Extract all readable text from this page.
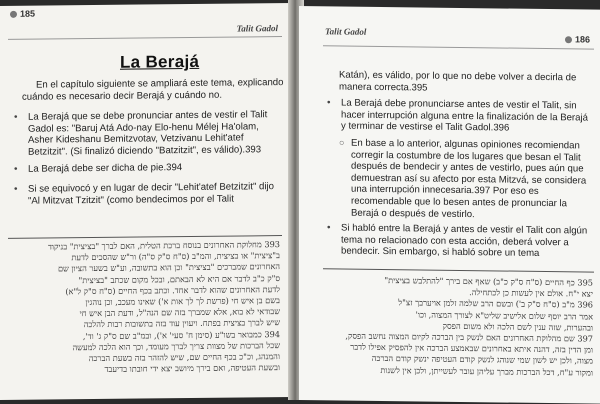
185
Talit Gadol
La Berajá
En el capítulo siguiente se ampliará este tema, explicando cuándo es necesario decir Berajá y cuándo no.
• La Berajá que se debe pronunciar antes de vestir el Talit Gadol es: "Baruj Atá Ado-nay Elo-henu Mélej Ha'olam, Asher Kideshanu Bemitzvotav, Vetzivanu Lehit'atef Betzitzit". (Si finalizó diciendo "Batzitzit", es válido).393
• La Berajá debe ser dicha de pie.394
• Si se equivocó y en lugar de decir "Lehit'atef Betzitzit" dijo "Al Mitzvat Tzitzit" (como bendecimos por el Talit
393 מחלוקת האחרונים בנוסח ברכת הטלית, האם לברך "בציצית" בניקוד
ב"ציצית" או בציצית, והמ"ב (ס"ח ס"ק ס"ה) ור"ש שהסכים לדעת
האחרונים שמברכים "בציצית" וכן הוא בתשובה, וע"ש בשער הציון שם
ס"ק כ"ב לדבר אם היא לא הבאתם, ובכל מקום שכתב "בציצית"
לדעת האחרונים שהוא לדבר אחד. וכתב בכף החיים (ס"ח ס"ק ל"א)
בשם בן איש חי (פרשת לך לך אות א') שאינו מעכב, וכן נוהגין
שבודאי לא בוא, אלא שמברך בזה שם הנה"ל, ודעת הבן איש חי
שיש לברך בציצית בפתח. ויעוין עוד בזה בתשובות רבות להלכה
394 כמבואר בשו"ע (סימן ח' סעי' א'), ובמ"ב שם ס"ק ג' וד',
שכל הברכות של מצוות צריך לברך מעומד, וכך הוא הלכה למעשה
והמנהג, וכ"כ בכף החיים שם, שיש להזהר בזה בשעת הברכה
ובשעת העטיפה, ואם בירך מיושב יצא ידי חובתו בדיעבד
Talit Gadol
186
Katán), es válido, por lo que no debe volver a decirla de manera correcta.395
• La Berajá debe pronunciarse antes de vestir el Talit, sin hacer interrupción alguna entre la finalización de la Berajá y terminar de vestirse el Talit Gadol.396
○ En base a lo anterior, algunas opiniones recomiendan corregir la costumbre de los lugares que besan el Talit después de bendecir y antes de vestirlo, pues aún que demuestran así su afecto por esta Mitzvá, se considera una interrupción innecesaria.397 Por eso es recomendable que lo besen antes de pronunciar la Berajá o después de vestirlo.
• Si habló entre la Berajá y antes de vestir el Talit con algún tema no relacionado con esta acción, deberá volver a bendecir. Sin embargo, si habló sobre un tema
395 כף החיים (ס"ח ס"ק כ"ב) שאף אם בירך "להתלבש בציצית"
יצא י"ח. אולם אין לעשות כן לכתחילה.
396 מ"ב (ס"ח ס"ק ב') ובשם הרב שלמה זלמן אויערבך זצ"ל
אמר הרב יוסף שלום אלישיב שליט"א לצורך המצוה, וכו'
ובהערות, שזה ענין לשם הלכה ולא משום הפסק
397 שם מהלוקת האחרונים האם לנשק בין הברכה לקיום המצוה נחשב הפסק,
ומן הדין בזה, דהנה איתא באחרונים שבאמצע הברכה אין להפסיק אפילו לדבר
מצוה, ולכן יש לשון שמי שנוהג לנשק קודם העטיפה ינשק קודם הברכה
ומקור ע"ח, דכל הברכות מברך עליהן עובר לעשייתן, ולכן אין לשנות
